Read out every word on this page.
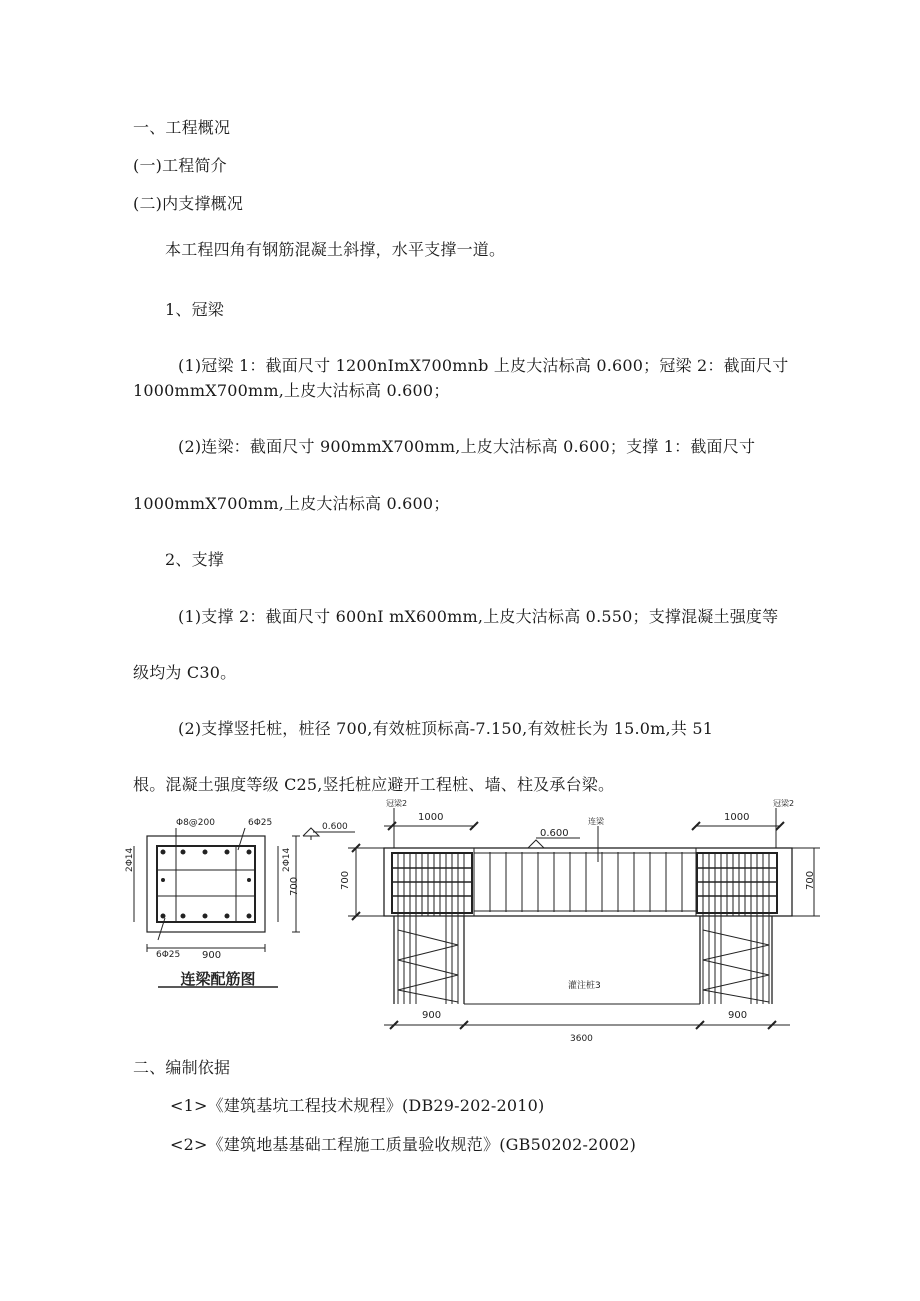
一、工程概况
(一)工程简介
(二)内支撑概况
本工程四角有钢筋混凝土斜撑，水平支撑一道。
1、冠梁
(1)冠梁 1：截面尺寸 1200nImX700mnb 上皮大沽标高 0.600；冠梁 2：截面尺寸
1000mmX700mm,上皮大沽标高 0.600；
(2)连梁：截面尺寸 900mmX700mm,上皮大沽标高 0.600；支撑 1：截面尺寸
1000mmX700mm,上皮大沽标高 0.600；
2、支撑
(1)支撑 2：截面尺寸 600nI mX600mm,上皮大沽标高 0.550；支撑混凝土强度等
级均为 C30。
(2)支撑竖托桩，桩径 700,有效桩顶标高-7.150,有效桩长为 15.0m,共 51
根。混凝土强度等级 C25,竖托桩应避开工程桩、墙、柱及承台梁。
Φ8@200	6Φ25
6Φ25 900
0.600
2Φ14	2Φ14
700
连梁配筋图
冠梁2	冠梁2
1000	1000
0.600
连梁
700	700
灌注桩3
900	900
3600
二、编制依据
<1>《建筑基坑工程技术规程》(DB29-202-2010)
<2>《建筑地基基础工程施工质量验收规范》(GB50202-2002)
